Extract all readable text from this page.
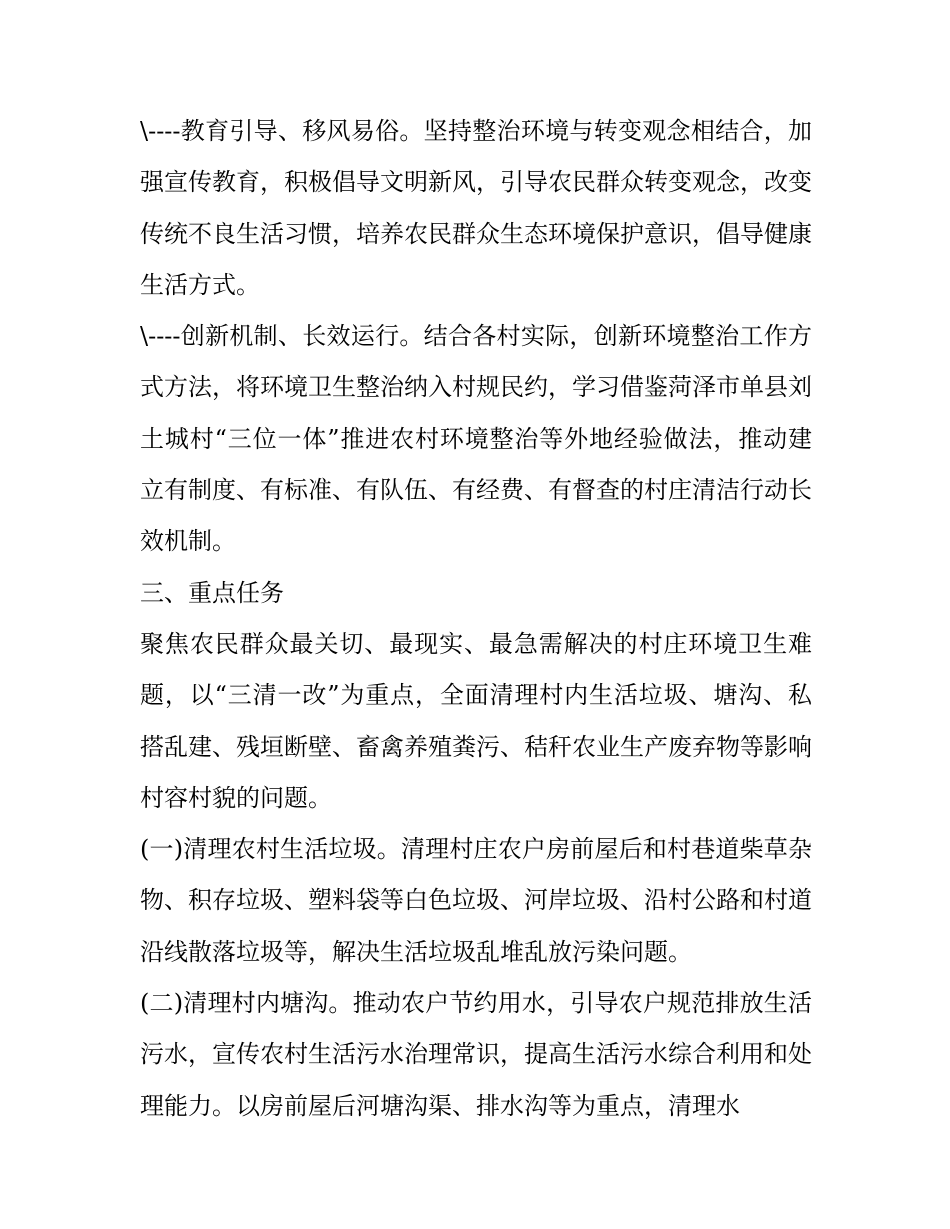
\----教育引导、移风易俗。坚持整治环境与转变观念相结合，加强宣传教育，积极倡导文明新风，引导农民群众转变观念，改变传统不良生活习惯，培养农民群众生态环境保护意识，倡导健康生活方式。

\----创新机制、长效运行。结合各村实际，创新环境整治工作方式方法，将环境卫生整治纳入村规民约，学习借鉴菏泽市单县刘土城村“三位一体”推进农村环境整治等外地经验做法，推动建立有制度、有标准、有队伍、有经费、有督查的村庄清洁行动长效机制。

三、重点任务

聚焦农民群众最关切、最现实、最急需解决的村庄环境卫生难题，以“三清一改”为重点，全面清理村内生活垃圾、塘沟、私搭乱建、残垣断壁、畜禽养殖粪污、秸秆农业生产废弃物等影响村容村貌的问题。

(一)清理农村生活垃圾。清理村庄农户房前屋后和村巷道柴草杂物、积存垃圾、塑料袋等白色垃圾、河岸垃圾、沿村公路和村道沿线散落垃圾等，解决生活垃圾乱堆乱放污染问题。

(二)清理村内塘沟。推动农户节约用水，引导农户规范排放生活污水，宣传农村生活污水治理常识，提高生活污水综合利用和处理能力。以房前屋后河塘沟渠、排水沟等为重点，清理水
